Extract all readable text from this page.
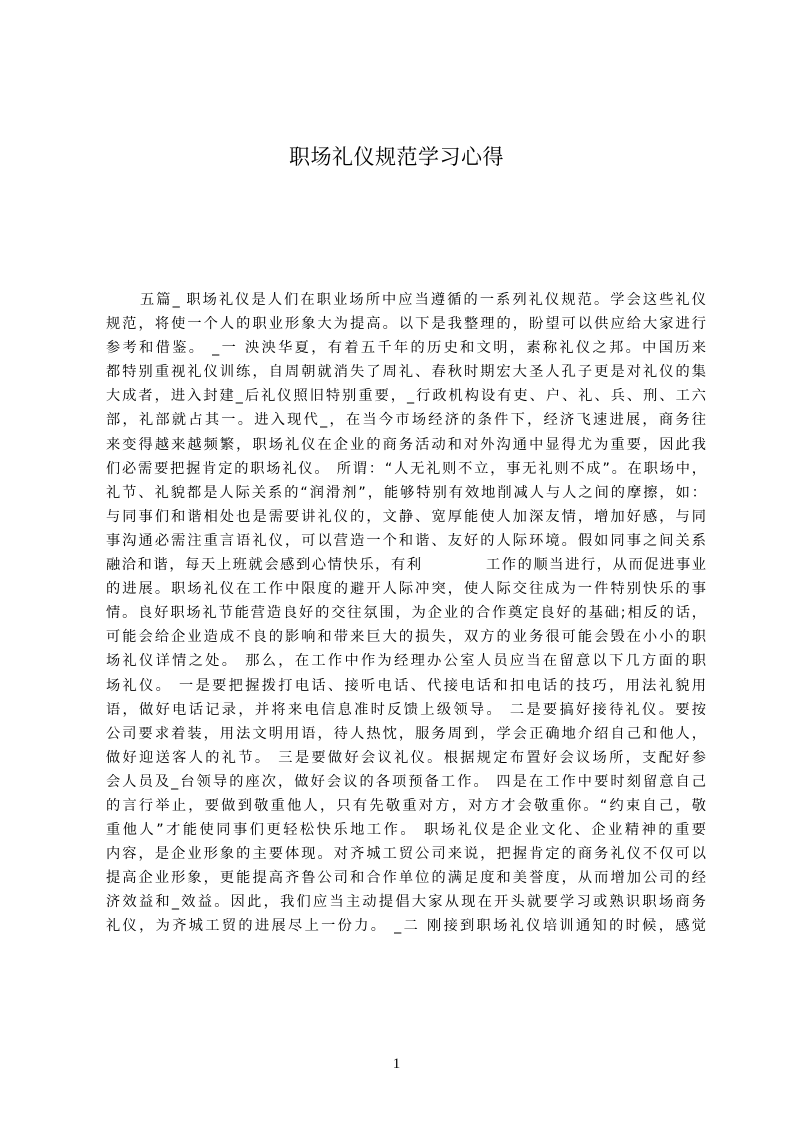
职场礼仪规范学习心得
五篇_ 职场礼仪是人们在职业场所中应当遵循的一系列礼仪规范。学会这些礼仪
规范，将使一个人的职业形象大为提高。以下是我整理的，盼望可以供应给大家进行
参考和借鉴。 _一 泱泱华夏，有着五千年的历史和文明，素称礼仪之邦。中国历来
都特别重视礼仪训练，自周朝就消失了周礼、春秋时期宏大圣人孔子更是对礼仪的集
大成者，进入封建_后礼仪照旧特别重要，_行政机构设有吏、户、礼、兵、刑、工六
部，礼部就占其一。进入现代_，在当今市场经济的条件下，经济飞速进展，商务往
来变得越来越频繁，职场礼仪在企业的商务活动和对外沟通中显得尤为重要，因此我
们必需要把握肯定的职场礼仪。 所谓：“人无礼则不立，事无礼则不成”。在职场中，
礼节、礼貌都是人际关系的“润滑剂”，能够特别有效地削减人与人之间的摩擦，如：
与同事们和谐相处也是需要讲礼仪的，文静、宽厚能使人加深友情，增加好感，与同
事沟通必需注重言语礼仪，可以营造一个和谐、友好的人际环境。假如同事之间关系
融洽和谐，每天上班就会感到心情快乐，有利　　　　工作的顺当进行，从而促进事业
的进展。职场礼仪在工作中限度的避开人际冲突，使人际交往成为一件特别快乐的事
情。良好职场礼节能营造良好的交往氛围，为企业的合作奠定良好的基础;相反的话，
可能会给企业造成不良的影响和带来巨大的损失，双方的业务很可能会毁在小小的职
场礼仪详情之处。 那么，在工作中作为经理办公室人员应当在留意以下几方面的职
场礼仪。 一是要把握拨打电话、接听电话、代接电话和扣电话的技巧，用法礼貌用
语，做好电话记录，并将来电信息准时反馈上级领导。 二是要搞好接待礼仪。要按
公司要求着装，用法文明用语，待人热忱，服务周到，学会正确地介绍自己和他人，
做好迎送客人的礼节。 三是要做好会议礼仪。根据规定布置好会议场所，支配好参
会人员及_台领导的座次，做好会议的各项预备工作。 四是在工作中要时刻留意自己
的言行举止，要做到敬重他人，只有先敬重对方，对方才会敬重你。“约束自己，敬
重他人”才能使同事们更轻松快乐地工作。 职场礼仪是企业文化、企业精神的重要
内容，是企业形象的主要体现。对齐城工贸公司来说，把握肯定的商务礼仪不仅可以
提高企业形象，更能提高齐鲁公司和合作单位的满足度和美誉度，从而增加公司的经
济效益和_效益。因此，我们应当主动提倡大家从现在开头就要学习或熟识职场商务
礼仪，为齐城工贸的进展尽上一份力。 _二 刚接到职场礼仪培训通知的时候，感觉
1
